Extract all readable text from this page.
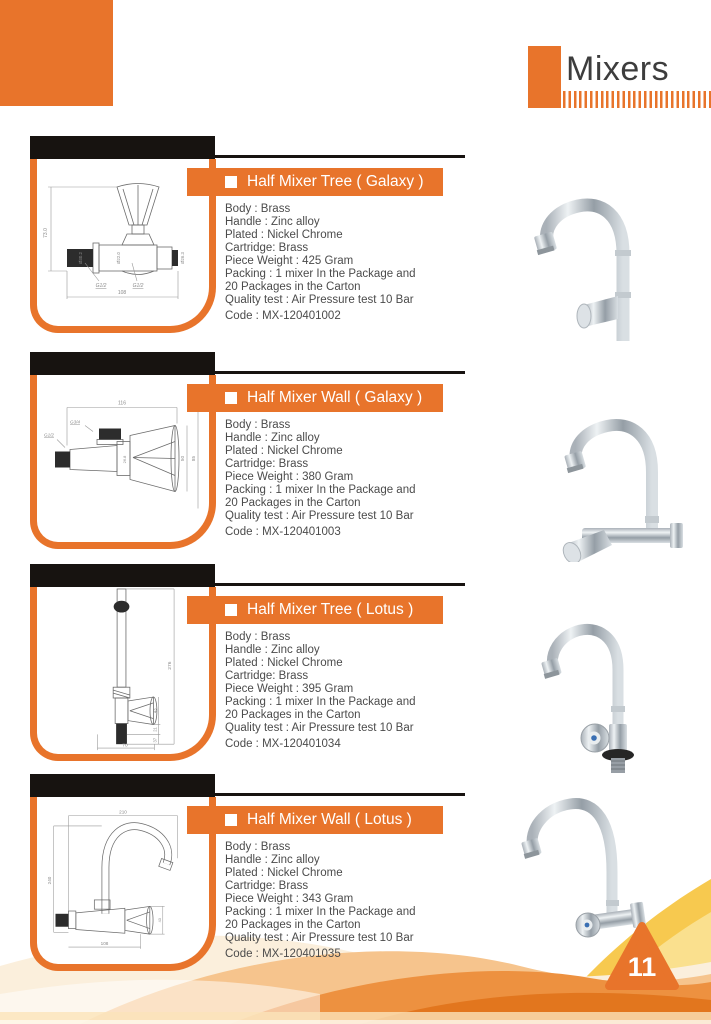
Mixers
73.0
108
G1/2	G1/2
Ø30.2	Ø22.0	Ø26.3
Half Mixer Tree ( Galaxy )
Body : Brass
Handle : Zinc alloy
Plated : Nickel Chrome
Cartridge: Brass
Piece Weight : 425 Gram
Packing : 1 mixer In the Package and
20 Packages in the Carton
Quality test : Air Pressure test 10 Bar
Code : MX-120401002
116
G3/4
G1/2
50 85
26.8
Half Mixer Wall ( Galaxy )
Body : Brass
Handle : Zinc alloy
Plated : Nickel Chrome
Cartridge: Brass
Piece Weight : 380 Gram
Packing : 1 mixer In the Package and
20 Packages in the Carton
Quality test : Air Pressure test 10 Bar
Code : MX-120401003
276
70
43
21
37
Half Mixer Tree ( Lotus )
Body : Brass
Handle : Zinc alloy
Plated : Nickel Chrome
Cartridge: Brass
Piece Weight : 395 Gram
Packing : 1 mixer In the Package and
20 Packages in the Carton
Quality test : Air Pressure test 10 Bar
Code : MX-120401034
210
240
108
43
Half Mixer Wall ( Lotus )
Body : Brass
Handle : Zinc alloy
Plated : Nickel Chrome
Cartridge: Brass
Piece Weight : 343 Gram
Packing : 1 mixer In the Package and
20 Packages in the Carton
Quality test : Air Pressure test 10 Bar
Code : MX-120401035	11
